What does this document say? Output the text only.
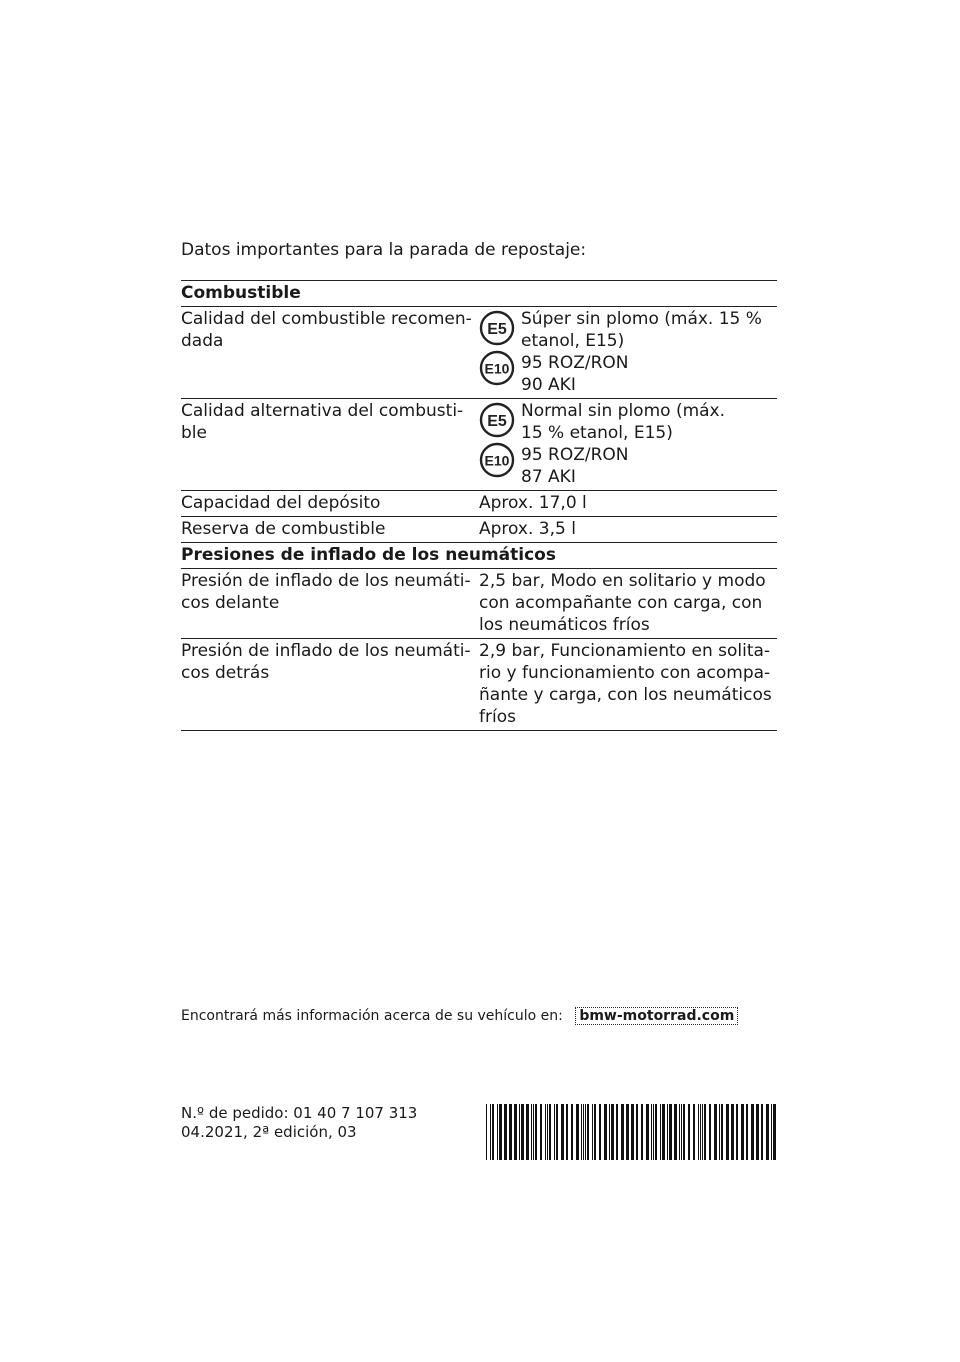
Datos importantes para la parada de repostaje:
Combustible
Calidad del combustible recomen-dada
E5
E10
Súper sin plomo (máx. 15 %
etanol, E15)
95 ROZ/RON
90 AKI
Calidad alternativa del combusti-ble
E5
E10
Normal sin plomo (máx.
15 % etanol, E15)
95 ROZ/RON
87 AKI
Capacidad del depósito	Aprox. 17,0 l
Reserva de combustible	Aprox. 3,5 l
Presiones de inflado de los neumáticos
Presión de inflado de los neumáti-cos delante
2,5 bar, Modo en solitario y modo con acompañante con carga, con los neumáticos fríos
Presión de inflado de los neumáti-cos detrás
2,9 bar, Funcionamiento en solita-rio y funcionamiento con acompa-ñante y carga, con los neumáticos fríos
Encontrará más información acerca de su vehículo en: bmw-motorrad.com
N.º de pedido: 01 40 7 107 313
04.2021, 2ª edición, 03
